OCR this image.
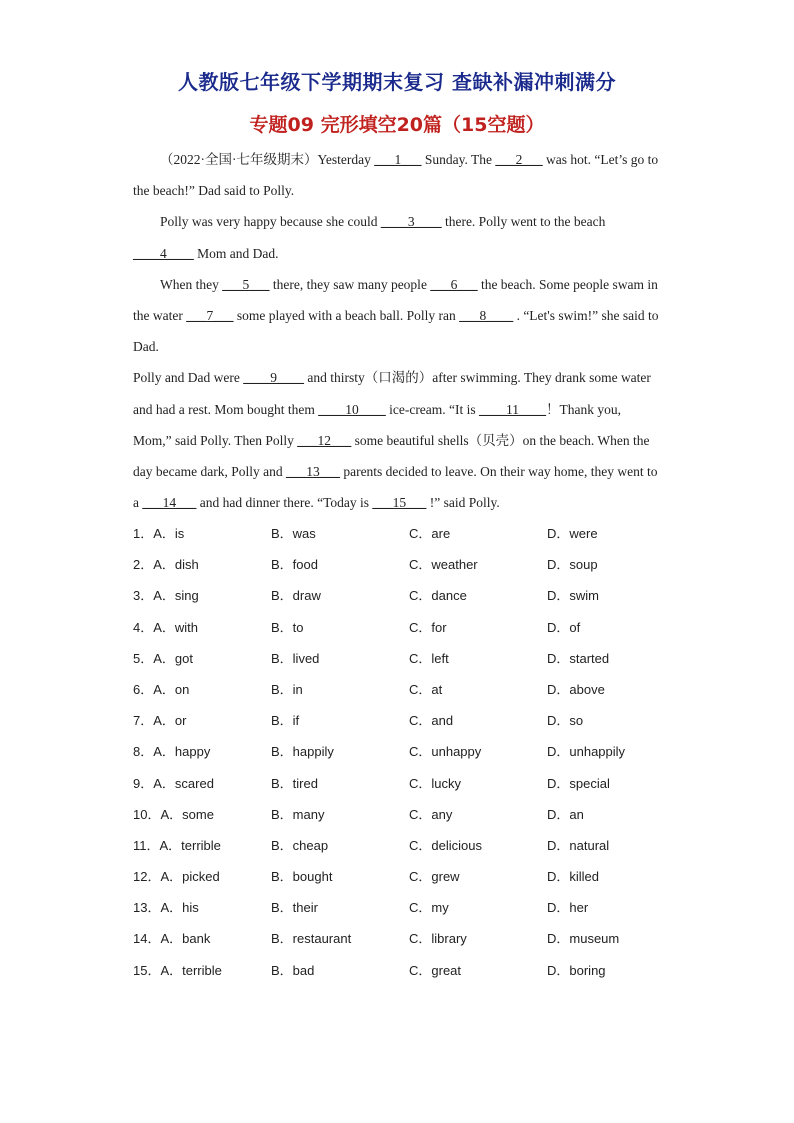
人教版七年级下学期期末复习 查缺补漏冲刺满分
专题09 完形填空20篇（15空题）

（2022·全国·七年级期末）Yesterday ___1___ Sunday. The ___2___ was hot. “Let’s go to the beach!” Dad said to Polly.

Polly was very happy because she could ____3____ there. Polly went to the beach ____4____ Mom and Dad.

When they ___5___ there, they saw many people ___6___ the beach. Some people swam in the water ___7___ some played with a beach ball. Polly ran ___8____ . “Let's swim!” she said to Dad.

Polly and Dad were ____9____ and thirsty（口渴的）after swimming. They drank some water and had a rest. Mom bought them ____10____ ice-cream. “It is ____11____！Thank you, Mom,” said Polly. Then Polly ___12___ some beautiful shells（贝壳）on the beach. When the day became dark, Polly and ___13___ parents decided to leave. On their way home, they went to a ___14___ and had dinner there. “Today is ___15___ !” said Polly.

1．A．is	B．was	C．are	D．were
2．A．dish	B．food	C．weather	D．soup
3．A．sing	B．draw	C．dance	D．swim
4．A．with	B．to	C．for	D．of
5．A．got	B．lived	C．left	D．started
6．A．on	B．in	C．at	D．above
7．A．or	B．if	C．and	D．so
8．A．happy	B．happily	C．unhappy	D．unhappily
9．A．scared	B．tired	C．lucky	D．special
10．A．some	B．many	C．any	D．an
11．A．terrible	B．cheap	C．delicious	D．natural
12．A．picked	B．bought	C．grew	D．killed
13．A．his	B．their	C．my	D．her
14．A．bank	B．restaurant	C．library	D．museum
15．A．terrible	B．bad	C．great	D．boring
